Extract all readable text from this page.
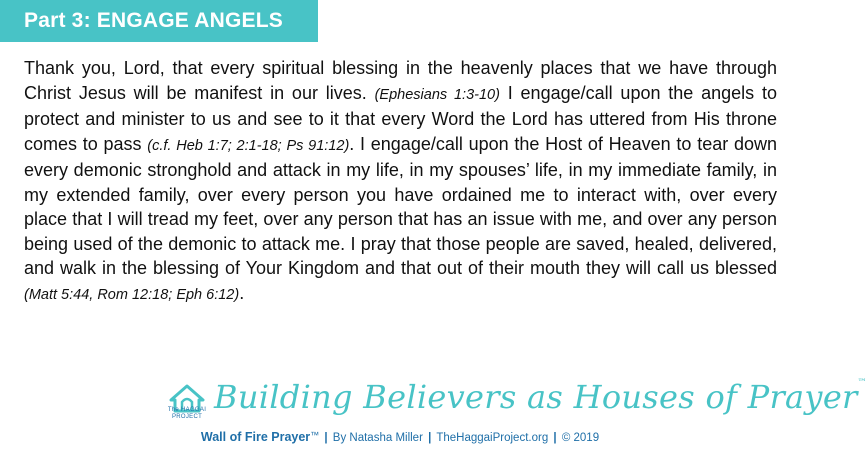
Part 3: ENGAGE ANGELS
Thank you, Lord, that every spiritual blessing in the heavenly places that we have through Christ Jesus will be manifest in our lives. (Ephesians 1:3-10) I engage/call upon the angels to protect and minister to us and see to it that every Word the Lord has uttered from His throne comes to pass (c.f. Heb 1:7; 2:1-18; Ps 91:12). I engage/call upon the Host of Heaven to tear down every demonic stronghold and attack in my life, in my spouses’ life, in my immediate family, in my extended family, over every person you have ordained me to interact with, over every place that I will tread my feet, over any person that has an issue with me, and over any person being used of the demonic to attack me. I pray that those people are saved, healed, delivered, and walk in the blessing of Your Kingdom and that out of their mouth they will call us blessed (Matt 5:44, Rom 12:18; Eph 6:12).
The HAGGAI PROJECT
Building Believers as Houses of Prayer™
Wall of Fire Prayer™ | By Natasha Miller | TheHaggaiProject.org | © 2019
